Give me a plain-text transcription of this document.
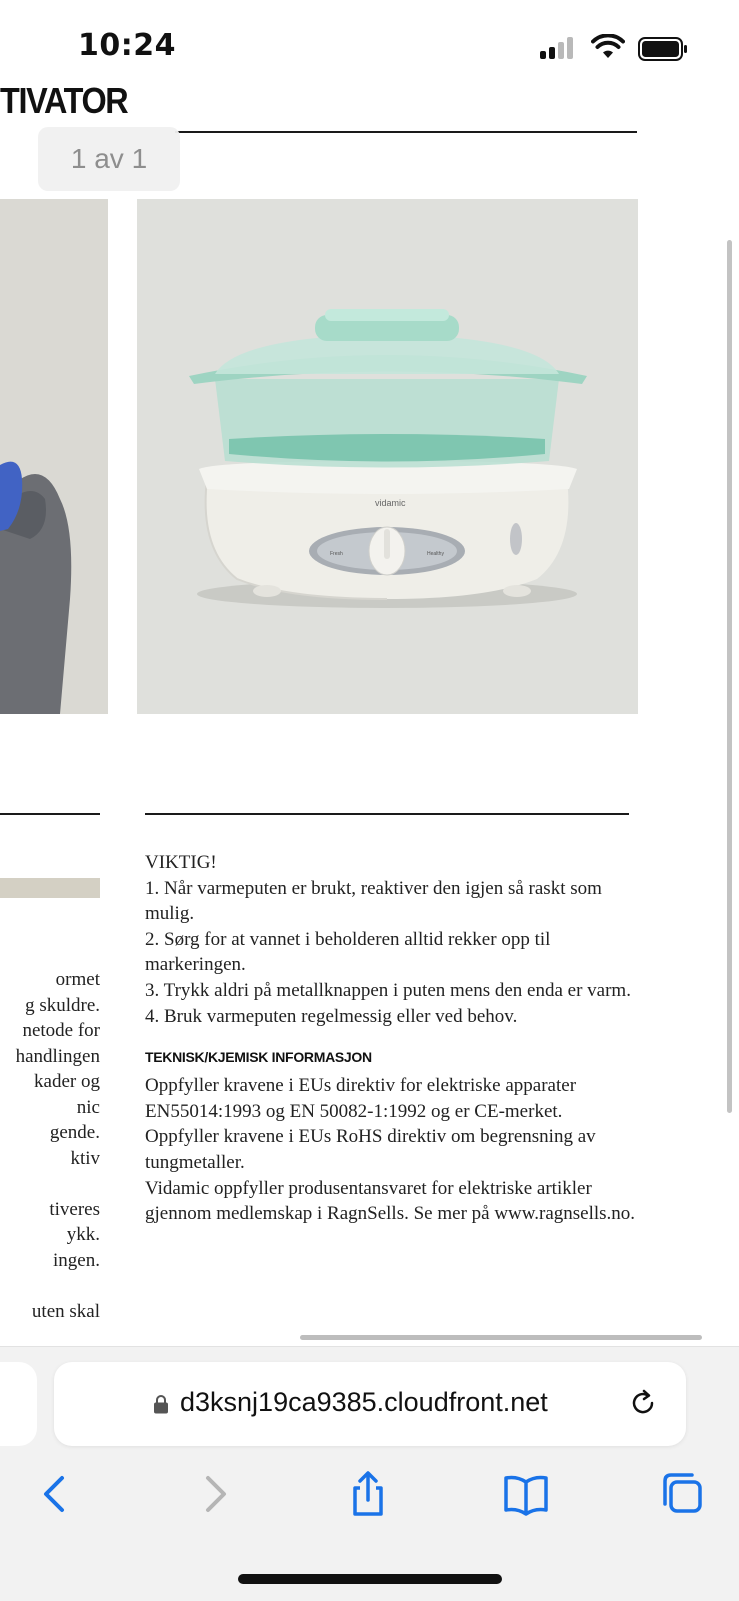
10:24
TIVATOR
1 av 1
Fresh	Healthy
vidamic
ormet
g skuldre.
netode for
handlingen
kader og
nic
gende.
ktiv
tiveres
ykk.
ingen.
uten skal

VIKTIG!

1. Når varmeputen er brukt, reaktiver den igjen så raskt som mulig.

2. Sørg for at vannet i beholderen alltid rekker opp til markeringen.

3. Trykk aldri på metallknappen i puten mens den enda er varm.

4. Bruk varmeputen regelmessig eller ved behov.

TEKNISK/KJEMISK INFORMASJON

Oppfyller kravene i EUs direktiv for elektriske apparater EN55014:1993 og EN 50082-1:1992 og er CE-merket.

Oppfyller kravene i EUs RoHS direktiv om begrensning av tungmetaller.

Vidamic oppfyller produsentansvaret for elektriske artikler gjennom medlemskap i RagnSells. Se mer på www.ragnsells.no.

d3ksnj19ca9385.cloudfront.net
